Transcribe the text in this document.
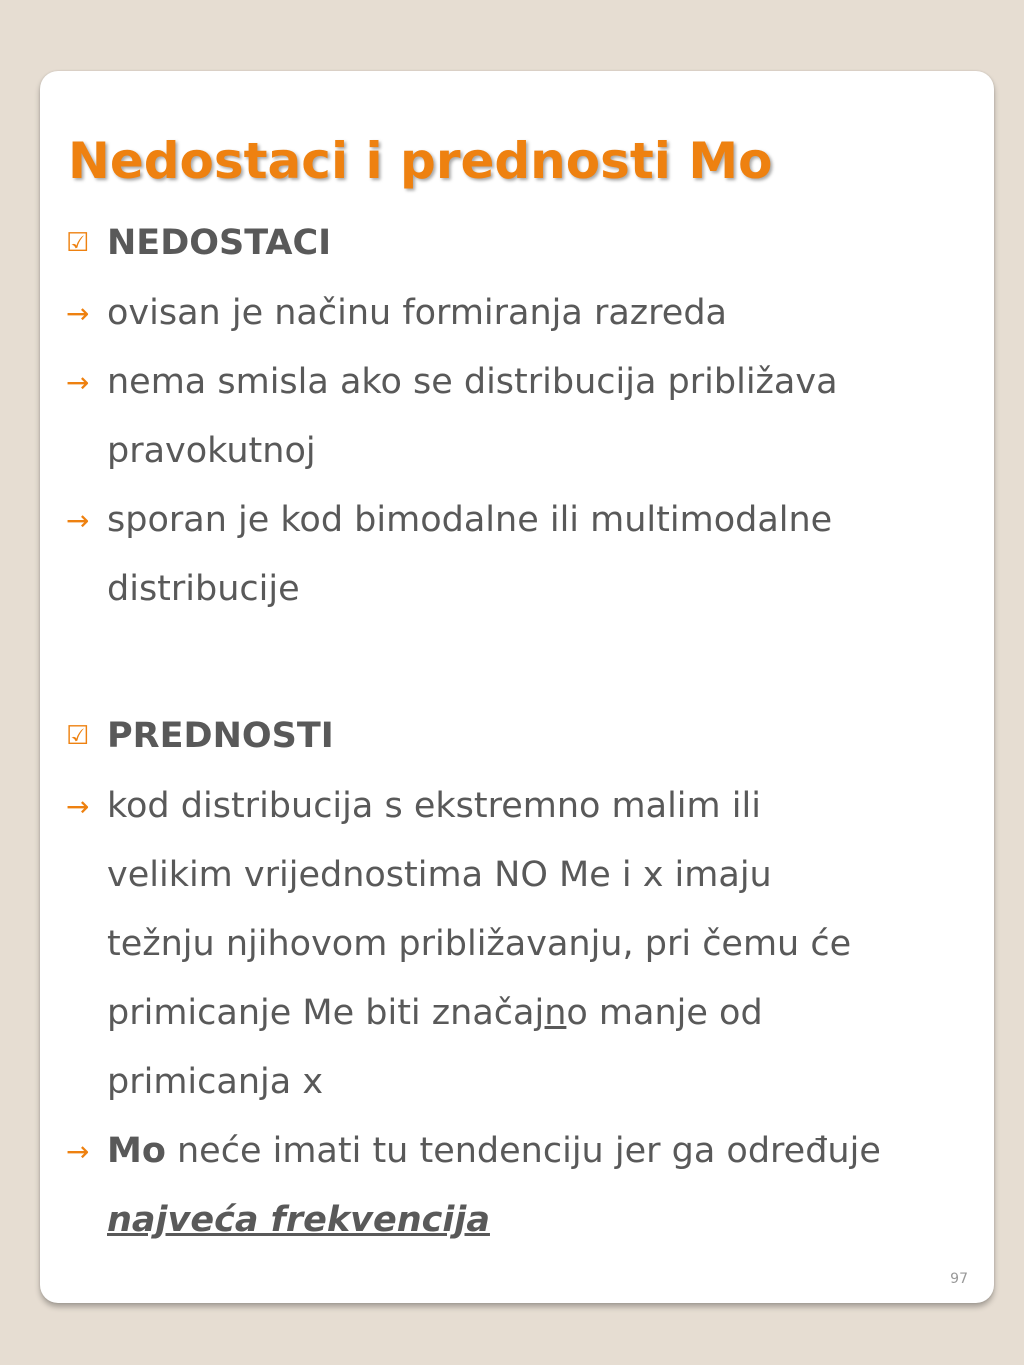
Nedostaci i prednosti Mo
☑ NEDOSTACI
→ ovisan je načinu formiranja razreda
→ nema smisla ako se distribucija približava pravokutnoj
→ sporan je kod bimodalne ili multimodalne distribucije
☑ PREDNOSTI
→ kod distribucija s ekstremno malim ili
velikim vrijednostima NO Me i x imaju
težnju njihovom približavanju, pri čemu će
primicanje Me biti značajno manje od
primicanja x
→ Mo neće imati tu tendenciju jer ga određuje najveća frekvencija
97
